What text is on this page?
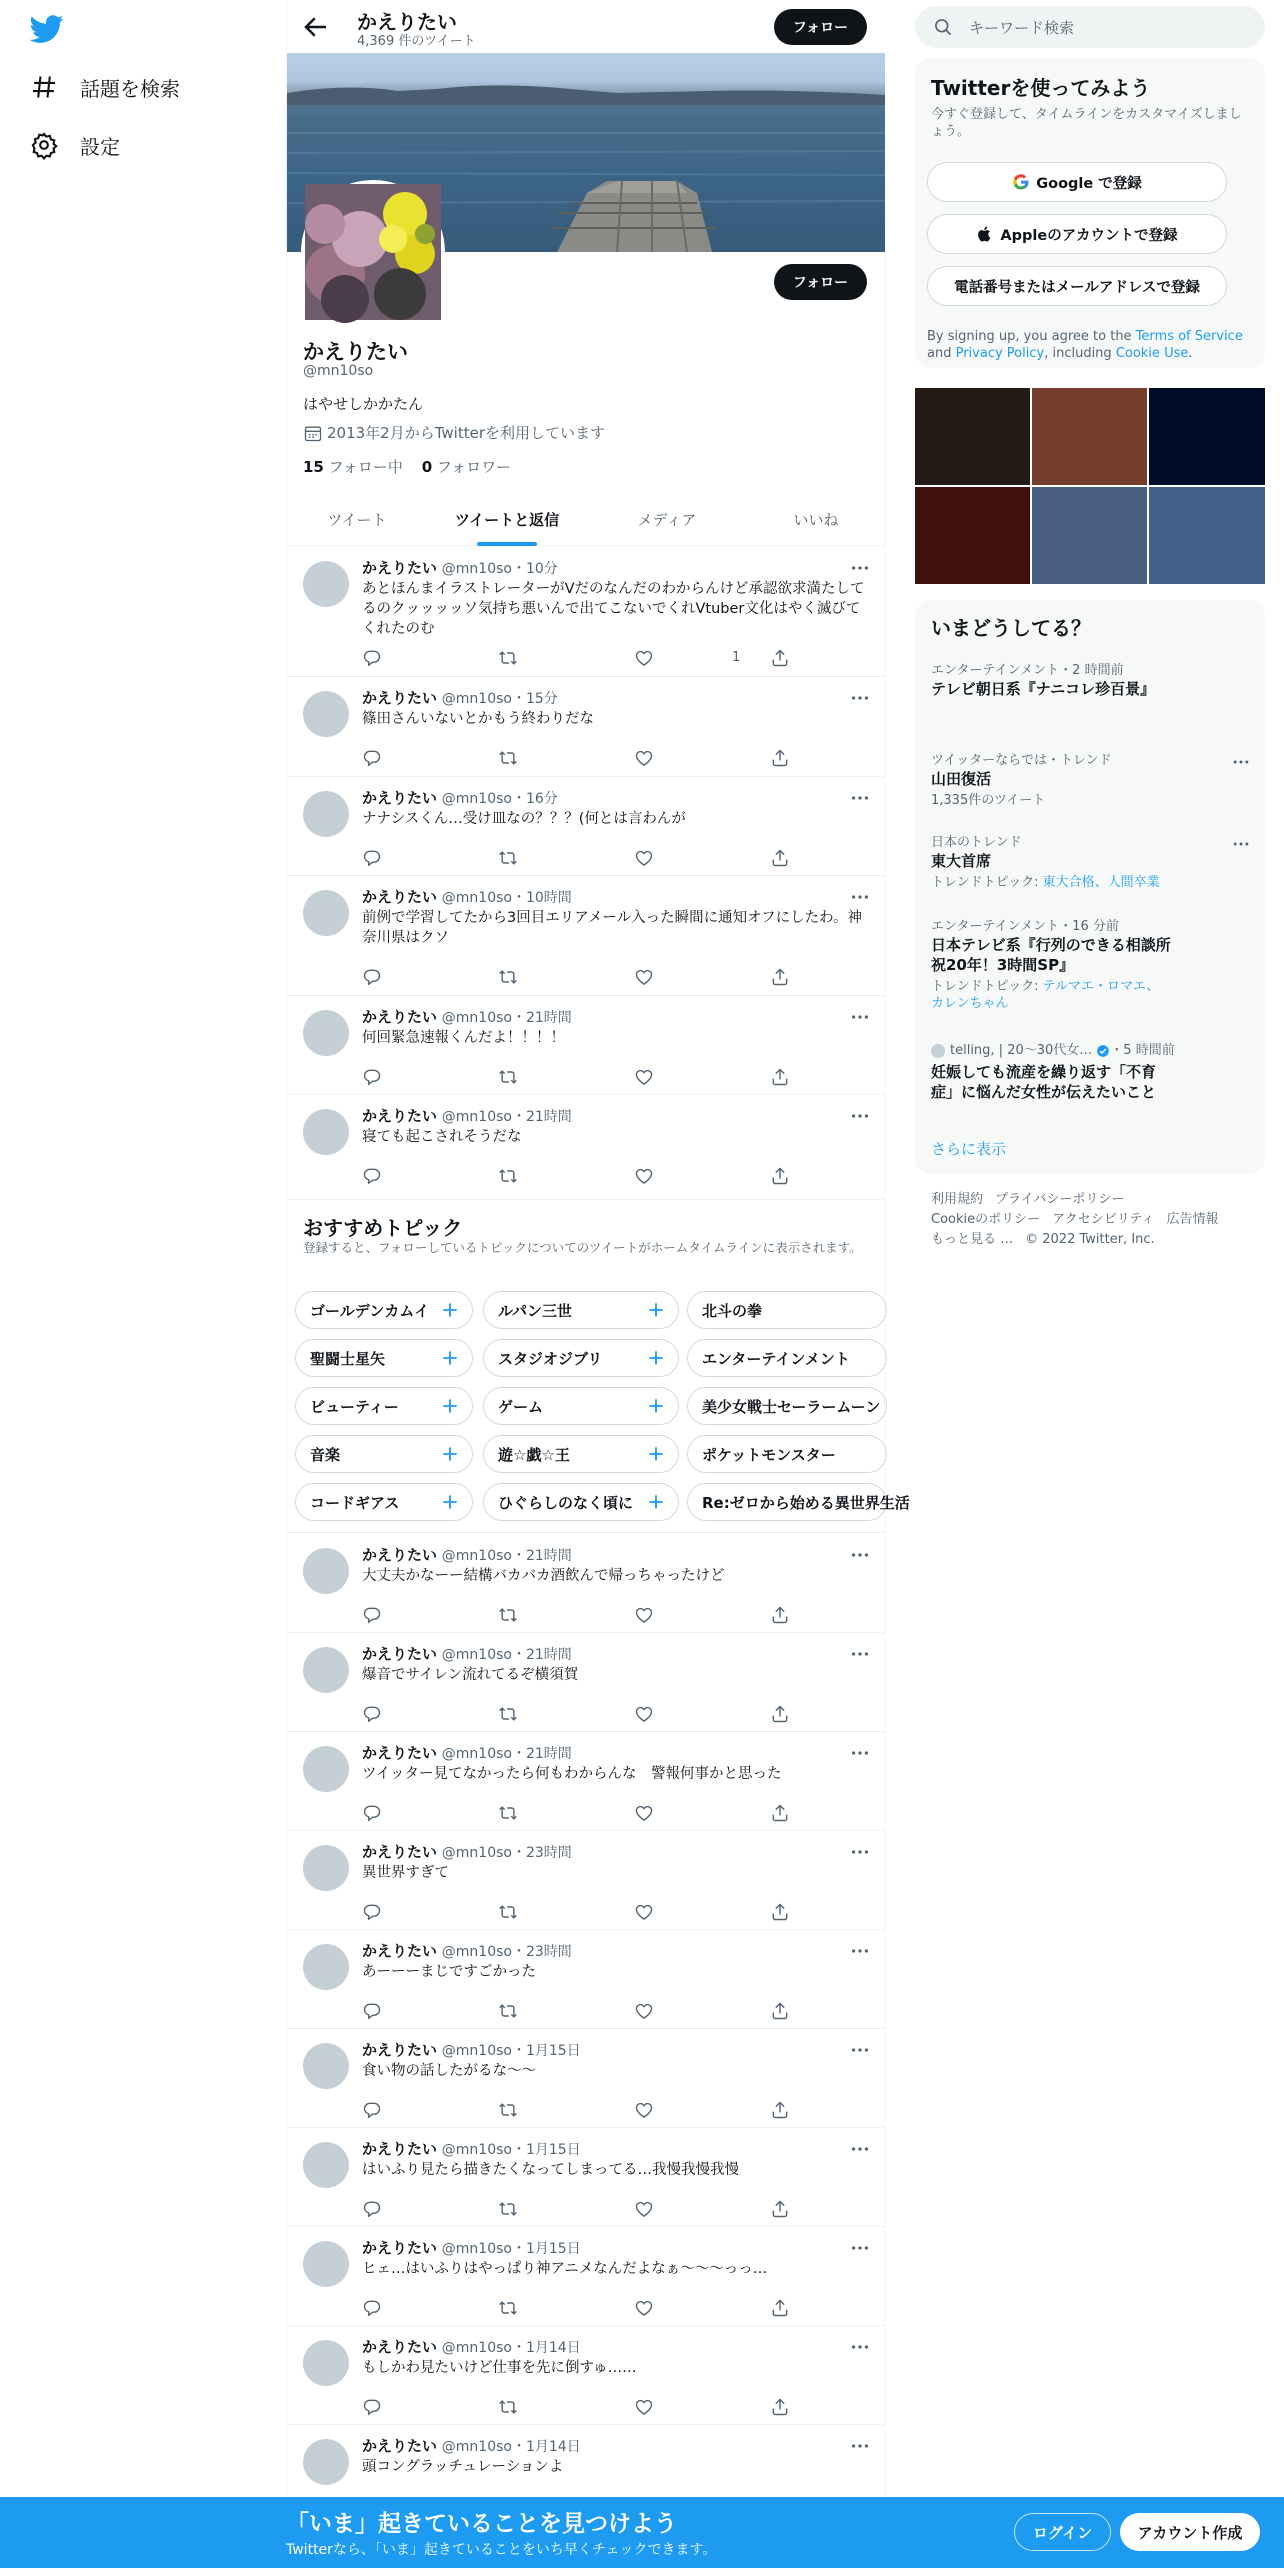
話題を検索
設定
かえりたい
4,369 件のツイート
フォロー
フォロー
かえりたい
@mn10so
はやせしかかたん
2013年2月からTwitterを利用しています
15 フォロー中 0 フォロワー
ツイート	ツイートと返信	メディア	いいね
かえりたい @mn10so・10分
あとほんまイラストレーターがVだのなんだのわからんけど承認欲求満たしてるのクッッッッソ気持ち悪いんで出てこないでくれVtuber文化はやく滅びてくれたのむ
1
かえりたい @mn10so・15分
篠田さんいないとかもう終わりだな
かえりたい @mn10so・16分
ナナシスくん…受け皿なの？？？(何とは言わんが
かえりたい @mn10so・10時間
前例で学習してたから3回目エリアメール入った瞬間に通知オフにしたわ。神奈川県はクソ
かえりたい @mn10so・21時間
何回緊急速報くんだよ！！！！
かえりたい @mn10so・21時間
寝ても起こされそうだな
おすすめトピック
登録すると、フォローしているトピックについてのツイートがホームタイムラインに表示されます。
ゴールデンカムイ	ルパン三世	北斗の拳
聖闘士星矢	スタジオジブリ	エンターテインメント
ビューティー	ゲーム	美少女戦士セーラームーン
音楽	遊☆戯☆王	ポケットモンスター
コードギアス	ひぐらしのなく頃に	Re:ゼロから始める異世界生活
かえりたい @mn10so・21時間
大丈夫かなーー結構バカバカ酒飲んで帰っちゃったけど
かえりたい @mn10so・21時間
爆音でサイレン流れてるぞ横須賀
かえりたい @mn10so・21時間
ツイッター見てなかったら何もわからんな　警報何事かと思った
かえりたい @mn10so・23時間
異世界すぎて
かえりたい @mn10so・23時間
あーーーまじですごかった
かえりたい @mn10so・1月15日
食い物の話したがるな〜〜
かえりたい @mn10so・1月15日
はいふり見たら描きたくなってしまってる…我慢我慢我慢
かえりたい @mn10so・1月15日
ヒェ…はいふりはやっぱり神アニメなんだよなぁ〜〜〜っっ…
かえりたい @mn10so・1月14日
もしかわ見たいけど仕事を先に倒すゅ……
かえりたい @mn10so・1月14日
頭コングラッチュレーションよ
キーワード検索
Twitterを使ってみよう
今すぐ登録して、タイムラインをカスタマイズしましょう。
Google で登録
Appleのアカウントで登録
電話番号またはメールアドレスで登録
By signing up, you agree to the Terms of Service and Privacy Policy, including Cookie Use.
いまどうしてる？
エンターテインメント・2 時間前
テレビ朝日系『ナニコレ珍百景』
ツイッターならでは・トレンド
山田復活
1,335件のツイート
日本のトレンド
東大首席
トレンドトピック: 東大合格、人間卒業
エンターテインメント・16 分前
日本テレビ系『行列のできる相談所 祝20年！3時間SP』
トレンドトピック: テルマエ・ロマエ、カレンちゃん
telling, | 20～30代女… ・5 時間前
妊娠しても流産を繰り返す「不育症」に悩んだ女性が伝えたいこと
さらに表示
利用規約 プライバシーポリシー
Cookieのポリシー アクセシビリティ 広告情報
もっと見る … © 2022 Twitter, Inc.
「いま」起きていることを見つけよう
Twitterなら、「いま」起きていることをいち早くチェックできます。
ログイン	アカウント作成
